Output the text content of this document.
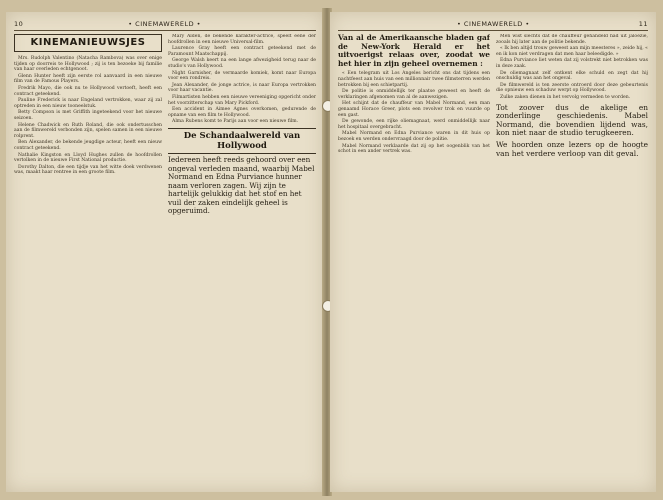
10	• CINEMAWERELD •
KINEMANIEUWSJES

Mrs. Rudolph Valentino (Natacha Rambova) was over enige tijden op doorreis te Hollywood ; zij is ten bezoeke bij familie van haar overleden echtgenoot.

Glenn Hunter heeft zijn eerste rol aanvaard in een nieuwe film van de Famous Players.

Fredrik Mayo, die ook nu te Hollywood vertoeft, heeft een contract geteekend.

Pauline Frederick is naar Engeland vertrokken, waar zij zal optreden in een nieuw tooneelstuk.

Betty Compson is met Griffith ingeteekend voor het nieuwe seizoen.

Helene Chadwick en Ruth Roland, die ook ondertusschen aan de filmwereld verbonden zijn, spelen samen in een nieuwe rolprent.

Ben Alexander, de bekende jeugdige acteur, heeft een nieuw contract geteekend.

Nathalie Kingston en Lloyd Hughes zullen de hoofdrollen vertolken in de nieuwe First National productie.

Dorothy Dalton, die een tijdje van het witte doek verdwenen was, maakt haar rentree in een groote film.

Mary Alden, de bekende karakter-actrice, speelt eene der hoofdrollen in een nieuwe Universal-film.

Laurence Gray heeft een contract geteekend met de Paramount Maatschappij.

George Walsh keert na een lange afwezigheid terug naar de studio's van Hollywood.

Night Garnisher, de vermaarde komiek, komt naar Europa voor een rondreis.

Jean Alexander, de jonge actrice, is naar Europa vertrokken voor haar vacantie.

Filmartisten hebben een nieuwe vereeniging opgericht onder het voorzitterschap van Mary Pickford.

Een accident in Aimee Agnes overkomen, gedurende de opname van een film te Hollywood.

Alma Rubens komt te Parijs aan voor een nieuwe film.

De Schandaalwereld van Hollywood
Iedereen heeft reeds gehoord over een ongeval verleden maand, waarbij Mabel Normand en Edna Purviance hunner naam verloren zagen. Wij zijn te hartelijk gelukkig dat het stof en het vuil der zaken eindelijk geheel is opgeruimd.
• CINEMAWERELD •	11
Van al de Amerikaansche bladen gaf de New-York Herald er het uitvoerigst relaas over, zoodat we het hier in zijn geheel overnemen :

« Een telegram uit Los Angeles bericht ons dat tijdens een nachtfeest aan huis van een millionnair twee filmsterren werden betrokken bij een schietpartij.

De politie is onmiddellijk ter plaatse geweest en heeft de verklaringen afgenomen van al de aanwezigen.

Het schijnt dat de chauffeur van Mabel Normand, een man genaamd Horace Greer, plots een revolver trok en vuurde op een gast.

De gewonde, een rijke oliemagnaat, werd onmiddellijk naar het hospitaal overgebracht.

Mabel Normand en Edna Purviance waren in dit huis op bezoek en werden ondervraagd door de politie.

Mabel Normand verklaarde dat zij op het oogenblik van het schot in een ander vertrek was.

Men wist slechts dat de chauffeur gehandeld had uit jaloezie, zooals hij later aan de politie bekende.

« Ik ben altijd trouw geweest aan mijn meesteres », zeide hij, « en ik kon niet verdragen dat men haar beleedigde. »

Edna Purviance liet weten dat zij volstrekt niet betrokken was in deze zaak.

De oliemagnaat zelf ontkent elke schuld en zegt dat hij onschuldig was aan het ongeval.

De filmwereld is ten zeerste ontroerd door deze gebeurtenis die opnieuw een schaduw werpt op Hollywood.

Zulke zaken dienen in het vervolg vermeden te worden.

Tot zoover dus de akelige en zonderlinge geschiedenis. Mabel Normand, die bovendien lijdend was, kon niet naar de studio terugkeeren.
We hoorden onze lezers op de hoogte van het verdere verloop van dit geval.
